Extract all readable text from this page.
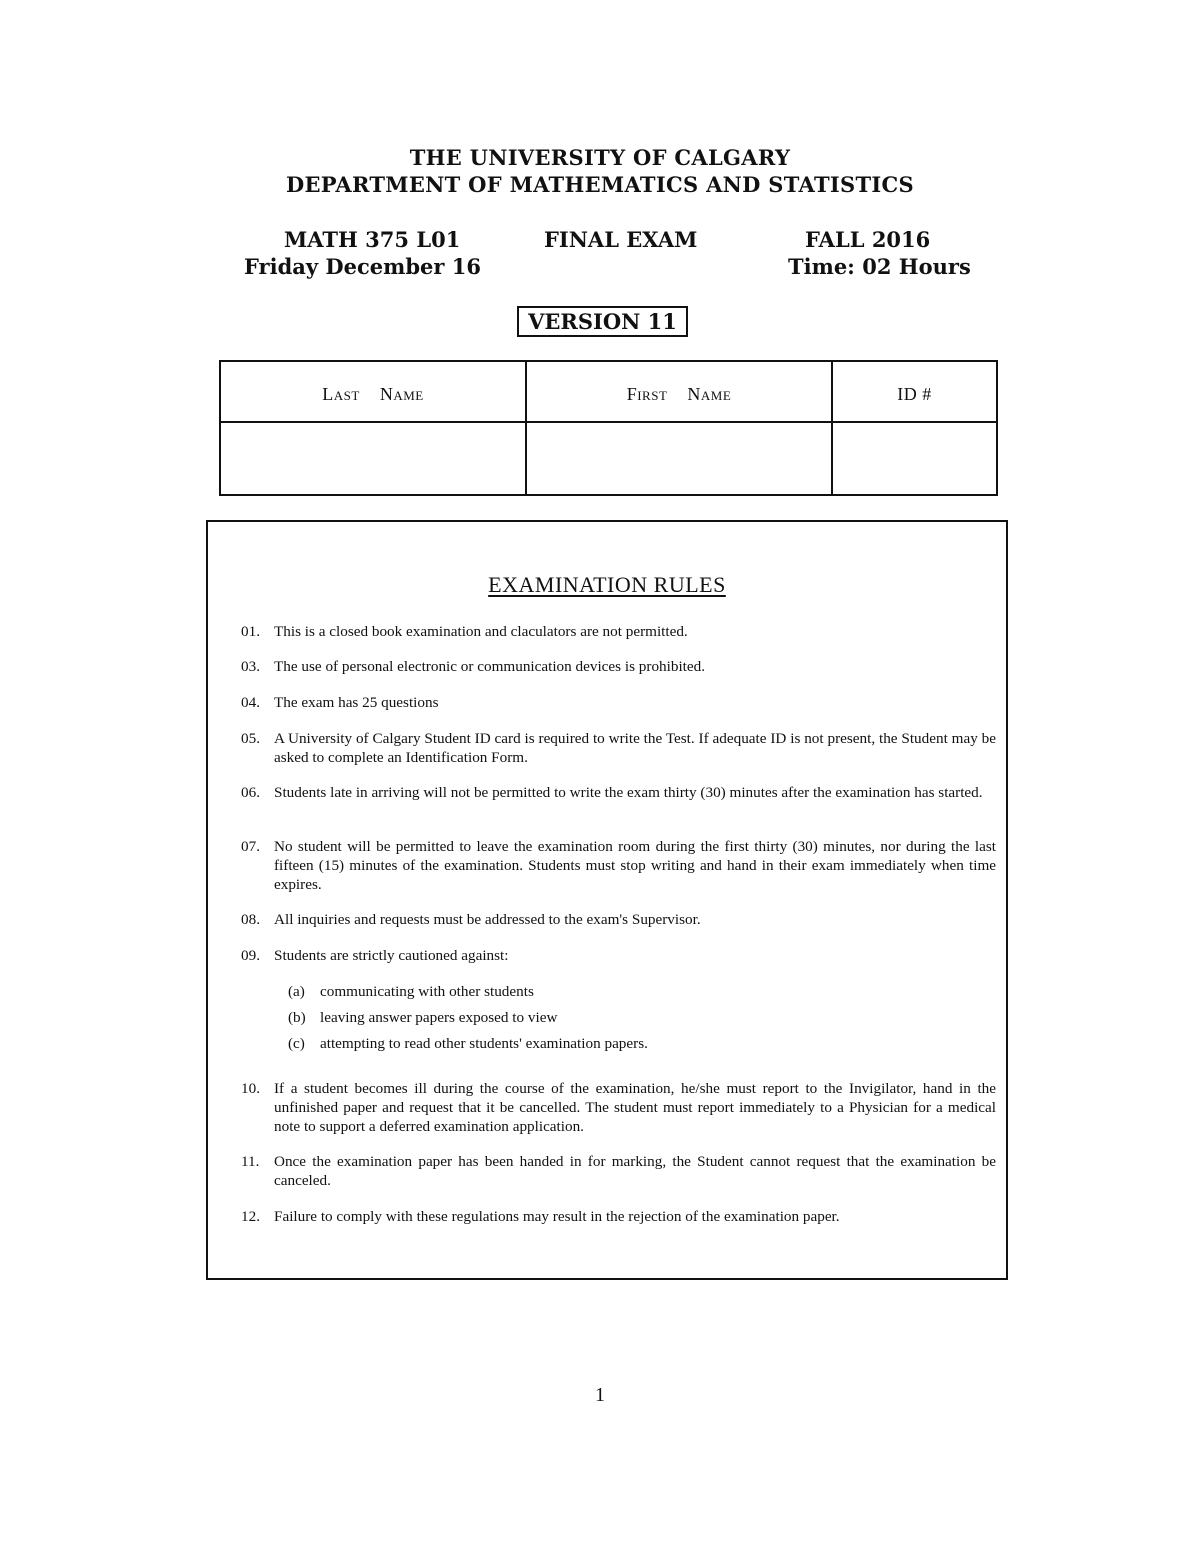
THE UNIVERSITY OF CALGARY
DEPARTMENT OF MATHEMATICS AND STATISTICS
MATH 375 L01	FINAL EXAM	FALL 2016
Friday December 16	Time: 02 Hours
VERSION 11
Last    Name	First    Name	ID #

EXAMINATION RULES
01. This is a closed book examination and claculators are not permitted.
03. The use of personal electronic or communication devices is prohibited.
04. The exam has 25 questions
05. A University of Calgary Student ID card is required to write the Test. If adequate ID is not present, the Student may be asked to complete an Identification Form.
06. Students late in arriving will not be permitted to write the exam thirty (30) minutes after the examination has started.
07. No student will be permitted to leave the examination room during the first thirty (30) minutes, nor during the last fifteen (15) minutes of the examination. Students must stop writing and hand in their exam immediately when time expires.
08. All inquiries and requests must be addressed to the exam's Supervisor.
09. Students are strictly cautioned against:
(a) communicating with other students
(b) leaving answer papers exposed to view
(c) attempting to read other students' examination papers.
10. If a student becomes ill during the course of the examination, he/she must report to the Invigilator, hand in the unfinished paper and request that it be cancelled. The student must report immediately to a Physician for a medical note to support a deferred examination application.
11. Once the examination paper has been handed in for marking, the Student cannot request that the examination be canceled.
12. Failure to comply with these regulations may result in the rejection of the examination paper.
1
